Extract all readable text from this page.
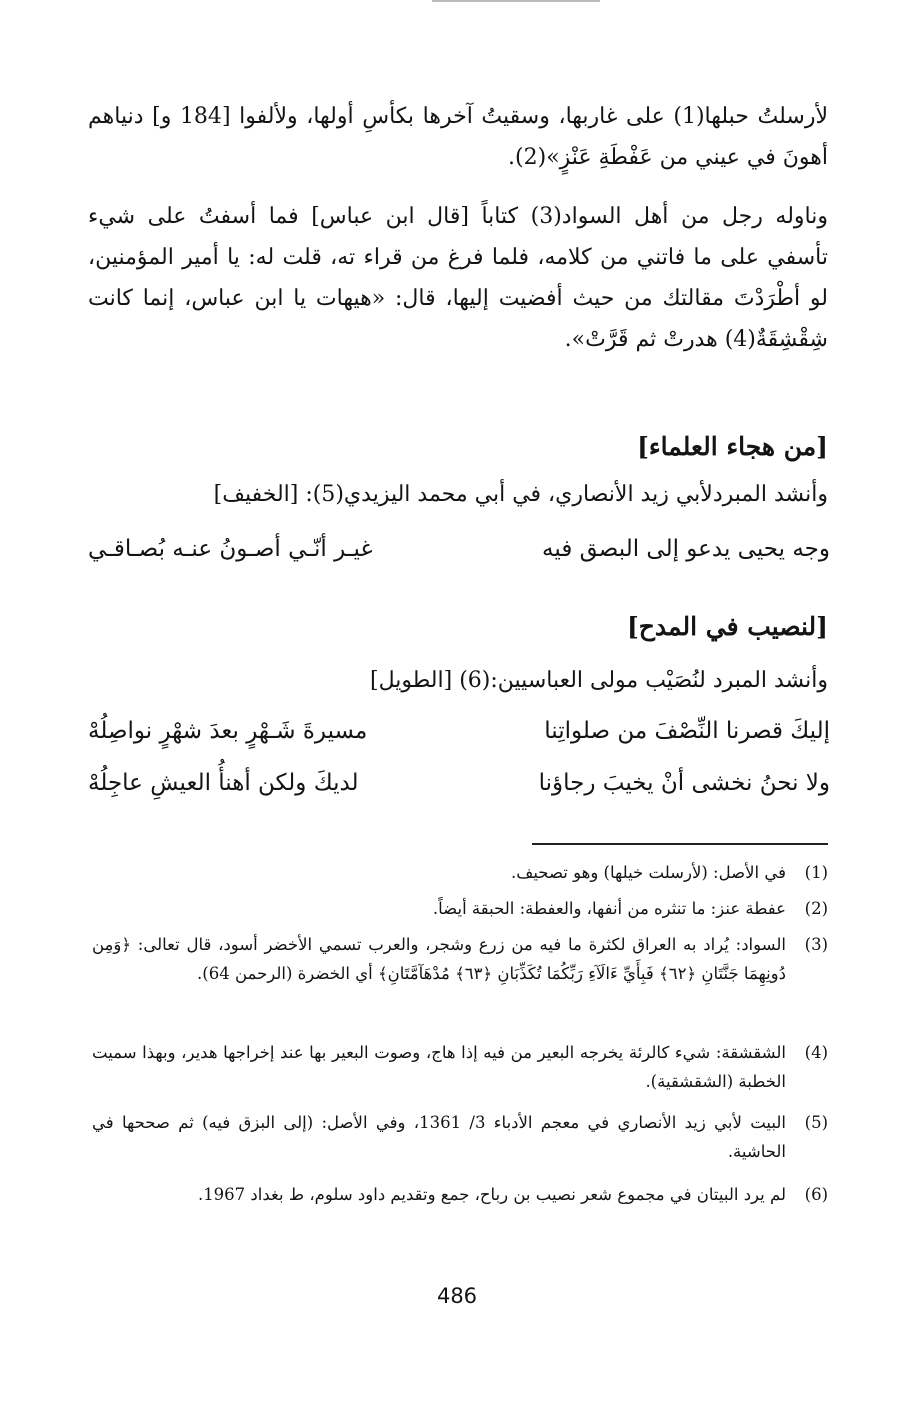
لأرسلتُ حبلها(1) على غاربها، وسقيتُ آخرها بكأسِ أولها، ولألفوا [184 و] دنياهم أهونَ في عيني من عَفْطَةِ عَنْزٍ»(2).

وناوله رجل من أهل السواد(3) كتاباً [قال ابن عباس] فما أسفتُ على شيء تأسفي على ما فاتني من كلامه، فلما فرغ من قراء ته، قلت له: يا أمير المؤمنين، لو أطْرَدْتَ مقالتك من حيث أفضيت إليها، قال: «هيهات يا ابن عباس، إنما كانت شِقْشِقَةٌ(4) هدرتْ ثم قَرَّتْ».

[من هجاء العلماء]

وأنشد المبردلأبي زيد الأنصاري، في أبي محمد اليزيدي(5): [الخفيف]

وجه يحيى يدعو إلى البصق فيه
غيـر أنّـي أصـونُ عنـه بُصـاقـي
[لنصيب في المدح]

وأنشد المبرد لنُصَيْب مولى العباسيين:(6) [الطويل]

إليكَ قصرنا النِّصْفَ من صلواتِنا
مسيرةَ شَـهْرٍ بعدَ شهْرٍ نواصِلُهْ
ولا نحنُ نخشى أنْ يخيبَ رجاؤنا
لديكَ ولكن أهنأُ العيشِ عاجِلُهْ
(1)
في الأصل: (لأرسلت خيلها) وهو تصحيف.
(2)
عفطة عنز: ما تنثره من أنفها، والعفطة: الحبقة أيضاً.
(3)
السواد: يُراد به العراق لكثرة ما فيه من زرع وشجر، والعرب تسمي الأخضر أسود، قال تعالى: ﴿وَمِن دُونِهِمَا جَنَّتَانِ ﴿٦٢﴾ فَبِأَيِّ ءَالَآءِ رَبِّكُمَا تُكَذِّبَانِ ﴿٦٣﴾ مُدْهَآمَّتَانِ﴾ أي الخضرة (الرحمن 64).
(4)
الشقشقة: شيء كالرئة يخرجه البعير من فيه إذا هاج، وصوت البعير بها عند إخراجها هدير، وبهذا سميت الخطبة (الشقشقية).
(5)
البيت لأبي زيد الأنصاري في معجم الأدباء 3/ 1361، وفي الأصل: (إلى البزق فيه) ثم صححها في الحاشية.
(6)
لم يرد البيتان في مجموع شعر نصيب بن رباح، جمع وتقديم داود سلوم، ط بغداد 1967.
486
